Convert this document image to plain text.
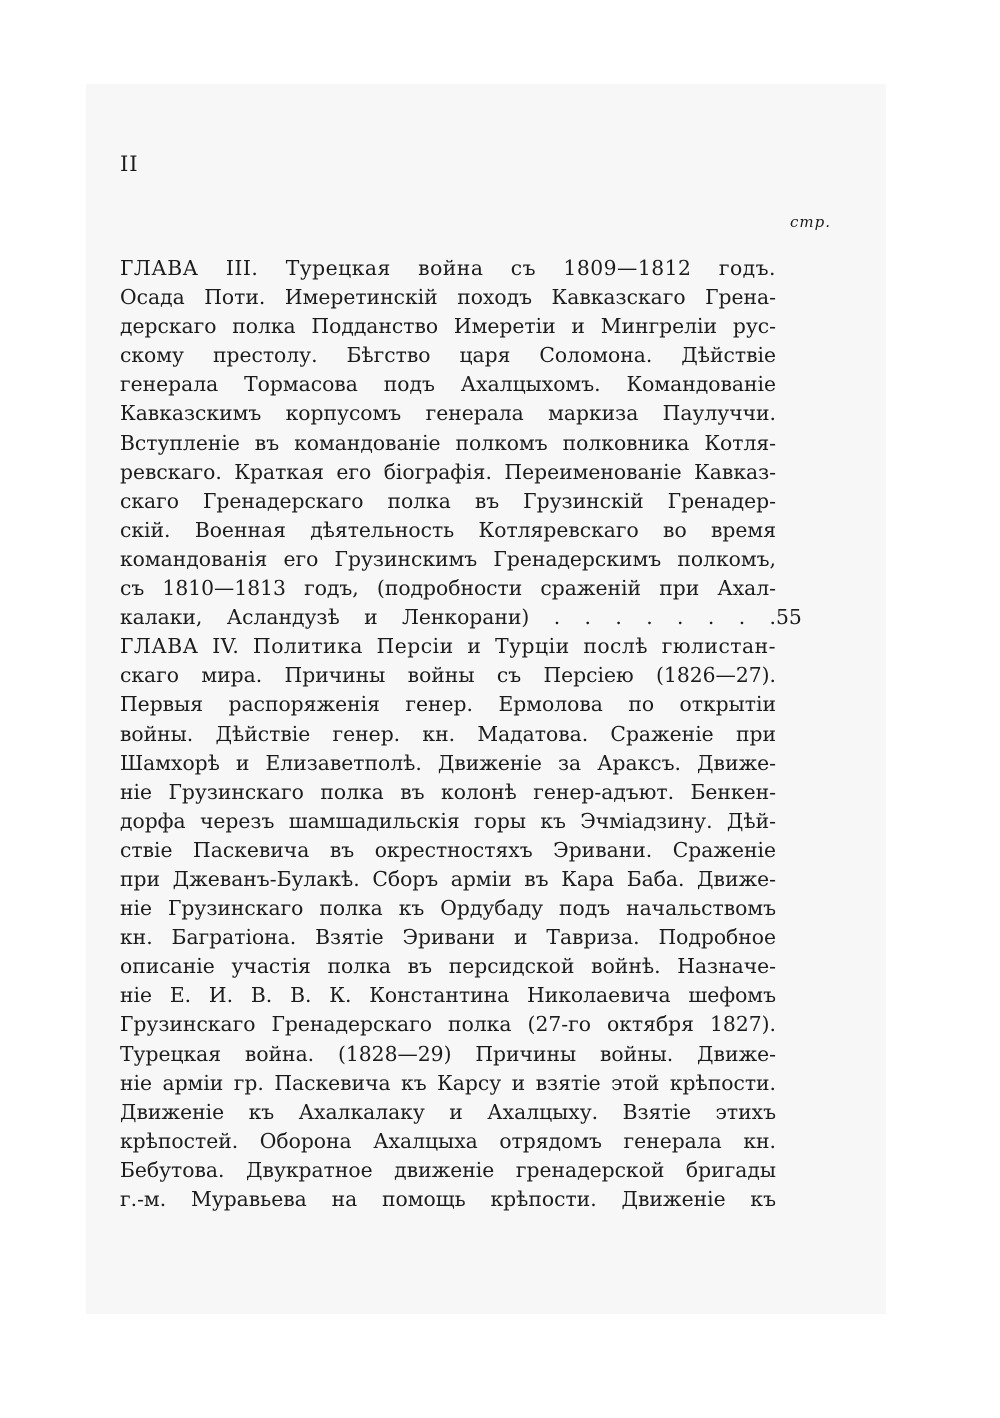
II
стр.
ГЛАВА III. Турецкая война съ 1809—1812 годъ.
Осада Поти. Имеретинскій походъ Кавказскаго Грена-
дерскаго полка Подданство Имеретіи и Мингреліи рус-
скому престолу. Бѣгство царя Соломона. Дѣйствіе
генерала Тормасова подъ Ахалцыхомъ. Командованіе
Кавказскимъ корпусомъ генерала маркиза Паулуччи.
Вступленіе въ командованіе полкомъ полковника Котля-
ревскаго. Краткая его біографія. Переименованіе Кавказ-
скаго Гренадерскаго полка въ Грузинскій Гренадер-
скій. Военная дѣятельность Котляревскаго во время
командованія его Грузинскимъ Гренадерскимъ полкомъ,
съ 1810—1813 годъ, (подробности сраженій при Ахал-
калаки, Асландузѣ и Ленкорани) . . . . . . . . 55
ГЛАВА IV. Политика Персіи и Турціи послѣ гюлистан-
скаго мира. Причины войны съ Персіею (1826—27).
Первыя распоряженія генер. Ермолова по открытіи
войны. Дѣйствіе генер. кн. Мадатова. Сраженіе при
Шамхорѣ и Елизаветполѣ. Движеніе за Араксъ. Движе-
ніе Грузинскаго полка въ колонѣ генер-адъют. Бенкен-
дорфа черезъ шамшадильскія горы къ Эчміадзину. Дѣй-
ствіе Паскевича въ окрестностяхъ Эривани. Сраженіе
при Джеванъ-Булакѣ. Сборъ арміи въ Кара Баба. Движе-
ніе Грузинскаго полка къ Ордубаду подъ начальствомъ
кн. Багратіона. Взятіе Эривани и Тавриза. Подробное
описаніе участія полка въ персидской войнѣ. Назначе-
ніе Е. И. В. В. К. Константина Николаевича шефомъ
Грузинскаго Гренадерскаго полка (27-го октября 1827).
Турецкая война. (1828—29) Причины войны. Движе-
ніе арміи гр. Паскевича къ Карсу и взятіе этой крѣпости.
Движеніе къ Ахалкалаку и Ахалцыху. Взятіе этихъ
крѣпостей. Оборона Ахалцыха отрядомъ генерала кн.
Бебутова. Двукратное движеніе гренадерской бригады
г.-м. Муравьева на помощь крѣпости. Движеніе къ
